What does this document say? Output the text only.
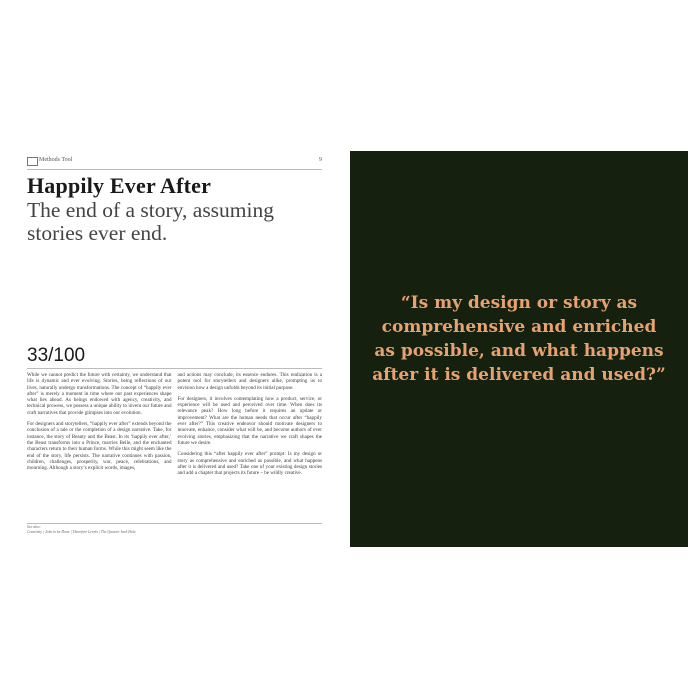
Methods Tool	9
Happily Ever After
The end of a story, assuming stories ever end.
33/100

While we cannot predict the future with certainty, we understand that life is dynamic and ever evolving. Stories, being reflections of our lives, naturally undergo transformations. The concept of “happily ever after” is merely a moment in time where our past experiences shape what lies ahead. As beings endowed with agency, creativity, and technical prowess, we possess a unique ability to invent our future and craft narratives that provide glimpses into our evolution.

For designers and storytellers, “happily ever after” extends beyond the conclusion of a tale or the completion of a design narrative. Take, for instance, the story of Beauty and the Beast. In its ‘happily ever after,’ the Beast transforms into a Prince, marries Belle, and the enchanted characters return to their human forms. While this might seem like the end of the story, life persists. The narrative continues with passion, children, challenges, prosperity, war, peace, celebrations, and mourning. Although a story’s explicit words, images,

and actions may conclude, its essence endures. This realization is a potent tool for storytellers and designers alike, prompting us to envision how a design unfolds beyond its initial purpose.

For designers, it involves contemplating how a product, service, or experience will be used and perceived over time. When does its relevance peak? How long before it requires an update or improvement? What are the human needs that occur after “happily ever after?” This creative endeavor should motivate designers to innovate, enhance, consider what will be, and become authors of ever evolving stories, emphasizing that the narrative we craft shapes the future we desire.

Considering this “after happily ever after” prompt: Is my design or story as comprehensive and enriched as possible, and what happens after it is delivered and used? Take one of your existing design stories and add a chapter that projects its future – be wildly creative.

See also:
Creativity | Jobs to be Done | Therefore Levels | The Quarter Inch Hole
“Is my design or story as comprehensive and enriched as possible, and what happens after it is delivered and used?”
